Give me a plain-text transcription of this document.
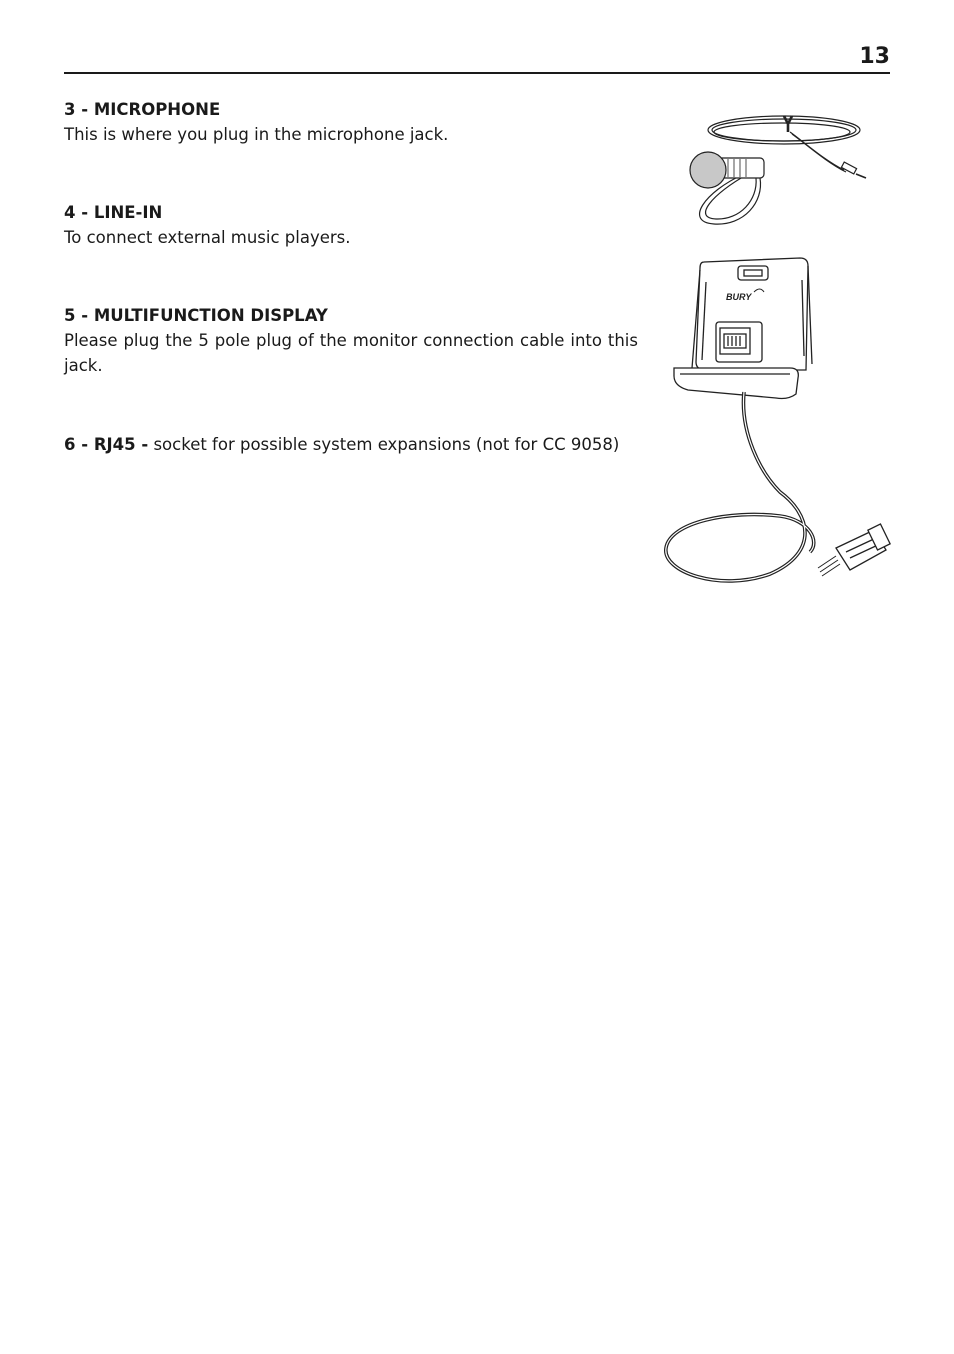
13
3 - MICROPHONE

This is where you plug in the microphone jack.

4 - LINE-IN

To connect external music players.

5 - MULTIFUNCTION DISPLAY

Please plug the 5 pole plug of the monitor connection cable into this jack.

6 - RJ45 - socket for possible system expansions (not for CC 9058)

BURY
